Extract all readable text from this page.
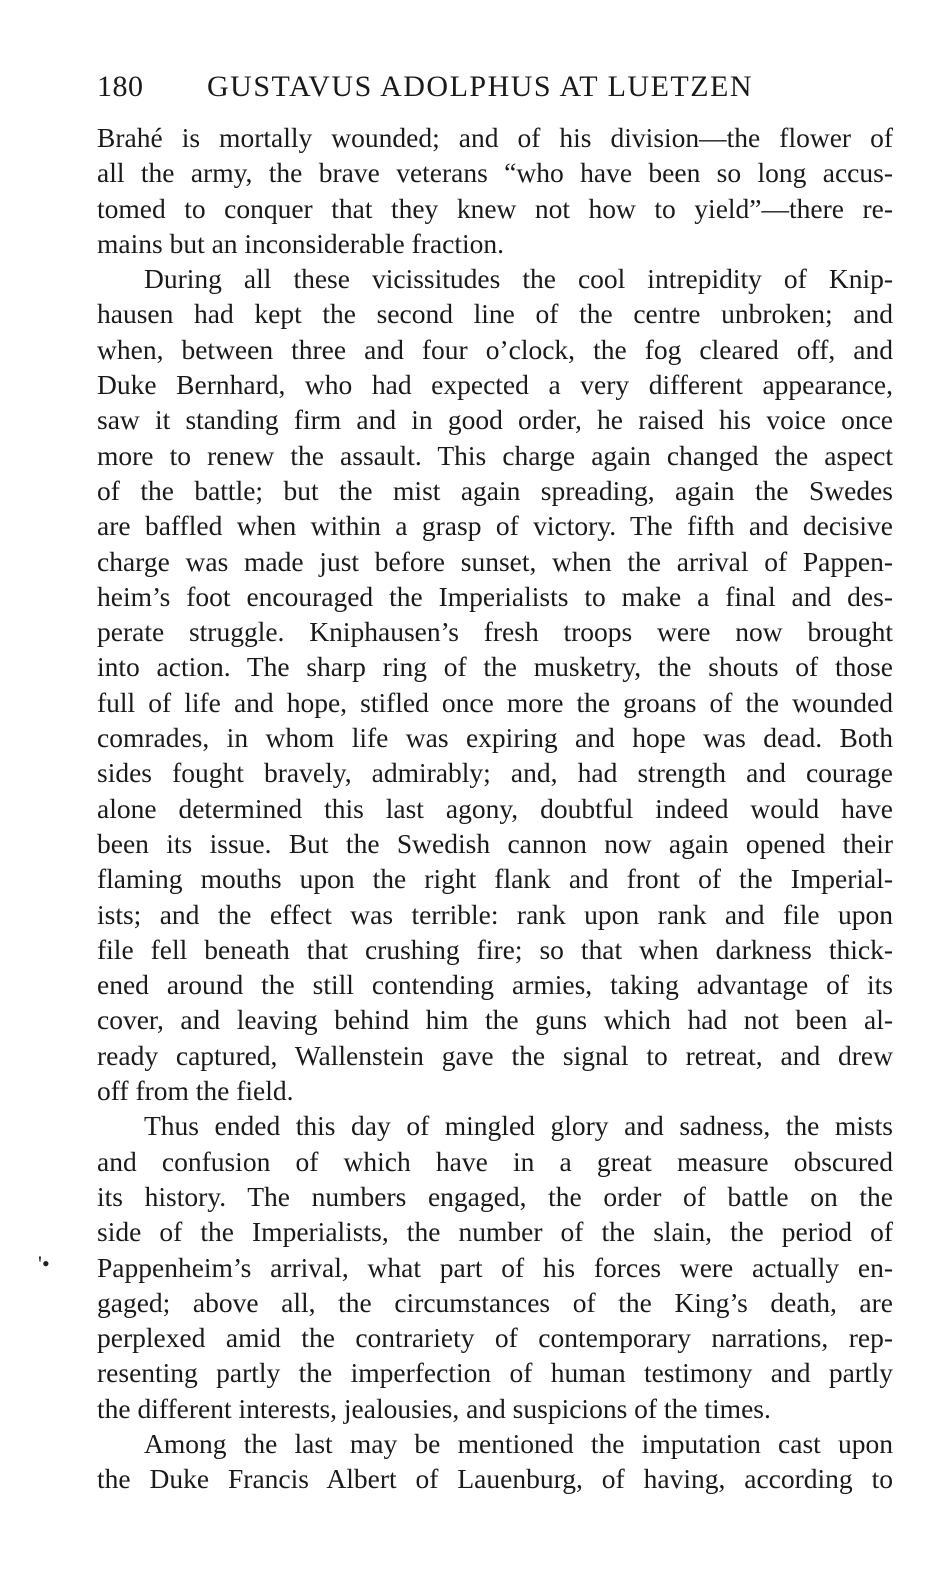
180	GUSTAVUS ADOLPHUS AT LUETZEN
Brahé is mortally wounded; and of his division—the flower of
all the army, the brave veterans “who have been so long accus-
tomed to conquer that they knew not how to yield”—there re-
mains but an inconsiderable fraction.
During all these vicissitudes the cool intrepidity of Knip-
hausen had kept the second line of the centre unbroken; and
when, between three and four o’clock, the fog cleared off, and
Duke Bernhard, who had expected a very different appearance,
saw it standing firm and in good order, he raised his voice once
more to renew the assault. This charge again changed the aspect
of the battle; but the mist again spreading, again the Swedes
are baffled when within a grasp of victory. The fifth and decisive
charge was made just before sunset, when the arrival of Pappen-
heim’s foot encouraged the Imperialists to make a final and des-
perate struggle. Kniphausen’s fresh troops were now brought
into action. The sharp ring of the musketry, the shouts of those
full of life and hope, stifled once more the groans of the wounded
comrades, in whom life was expiring and hope was dead. Both
sides fought bravely, admirably; and, had strength and courage
alone determined this last agony, doubtful indeed would have
been its issue. But the Swedish cannon now again opened their
flaming mouths upon the right flank and front of the Imperial-
ists; and the effect was terrible: rank upon rank and file upon
file fell beneath that crushing fire; so that when darkness thick-
ened around the still contending armies, taking advantage of its
cover, and leaving behind him the guns which had not been al-
ready captured, Wallenstein gave the signal to retreat, and drew
off from the field.
Thus ended this day of mingled glory and sadness, the mists
and confusion of which have in a great measure obscured
its history. The numbers engaged, the order of battle on the
side of the Imperialists, the number of the slain, the period of
Pappenheim’s arrival, what part of his forces were actually en-
gaged; above all, the circumstances of the King’s death, are
perplexed amid the contrariety of contemporary narrations, rep-
resenting partly the imperfection of human testimony and partly
the different interests, jealousies, and suspicions of the times.
Among the last may be mentioned the imputation cast upon
the Duke Francis Albert of Lauenburg, of having, according to
'•
